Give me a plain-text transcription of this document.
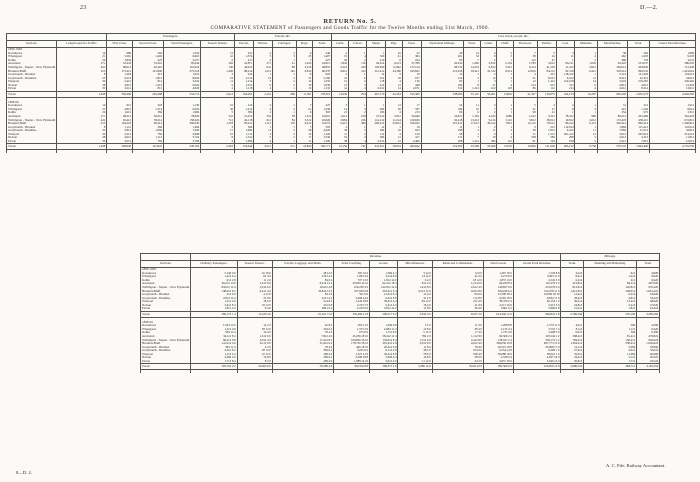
23	D.—2.
RETURN No. 5.
COMPARATIVE STATEMENT of Passengers and Goods Traffic for the Twelve Months ending 31st March, 1900.
		Passengers.				Parcels, &c.					Live-Stock, Goods, &c.															
Sections.	Length open for Traffic.	First Class.	Second Class.	Total Passengers.	Season Tickets.	Parcels.	Horses.	Carriages.	Dogs.	Total.	Cattle.	Calves.	Sheep.	Pigs.	Total.	Equivalent Mileage.	Wool.	Grain.	Chaff.	Firewood.	Timber.	Coal.	Minerals.	Merchandise.	Total.	Grand Total Revenue.
1899-1900.																										
Kawakawa	16	986	264	1,250	12	231	4	2	9	246	4	1	1	16	22	29	14	4	2	7	5	3	1	38	264	1,806
Whangarei	21	5,261	1,402	6,663	41	1,374	5	3	25	1,407	19	4	320	41	384	201	52	9	3	38	24	11	4	462	1,203	9,318
Kaihu	26	1,834	423	2,257	6	417	2	1	7	427	26	2	210	6	244	93	7	2	1	112	47	1	2	286	733	3,631
Auckland	271	52,443	33,201	85,644	362	22,871	271	41	1,432	24,615	1,842	119	29,614	6,213	37,788	26,432	1,206	4,812	2,154	1,783	3,612	84,211	1,029	92,418	215,037	386,205
Wellington - Napier - New Plymouth	422	98,614	62,410	161,024	740	44,912	641	88	3,214	48,855	4,216	240	120,846	11,842	137,144	98,732	14,216	9,812	3,321	6,214	41,218	11,412	2,812	184,612	463,829	712,440
Hurunui-Bluff	615	173,412	101,806	275,218	1,406	88,214	1,212	142	6,810	96,378	6,812	412	312,412	24,186	343,822	212,618	18,412	41,312	8,214	12,816	84,212	92,318	6,412	318,214	894,532	1,423,616
Greymouth - Brunner	8	1,204	412	1,616	2	614	1	1	8	624	2	1	14	2	19	12	1	2	1	4	221	118,412	1	2,114	121,203	124,512
Greymouth - Hokitika	25	6,214	1,812	8,026	19	2,114	12	3	31	2,160	41	6	612	18	677	214	2	12	3	41	8,212	4,612	12	8,412	22,314	34,612
Westport	36	2,412	812	3,224	11	1,214	3	2	14	1,233	12	2	118	4	136	62	1	3	1	12	1,412	212,618	14	3,218	219,281	226,402
Nelson	28	4,812	1,214	6,026	9	1,612	6	2	19	1,639	21	3	412	12	448	184	8	21	4	214	612	312	6	2,814	4,612	12,418
Picton	30	3,214	812	4,026	4	1,118	4	1	12	1,135	41	4	2,612	14	2,671	312	1,214	412	118	86	112	214	4	2,612	8,214	13,612
Totals	1,498	350,406	204,368	554,774	2,612	164,291	2,161	286	11,581	178,319	13,036	794	467,176	42,354	523,360	338,906	35,147	56,401	13,822	21,327	139,875	524,133	10,297	695,202	1,952,273	2,926,562

1898-99.																										
Kawakawa	16	912	218	1,130	10	214	3	1	7	225	3	1	1	12	17	24	11	3	1	5	4	2	1	31	212	1,612
Whangarei	21	4,812	1,214	6,026	36	1,212	4	2	21	1,239	14	3	284	36	337	184	41	7	2	31	21	9	3	412	1,104	8,614
Kaihu	26	1,612	384	1,996	5	384	2	1	6	393	21	2	186	4	213	84	6	2	1	98	41	1	1	254	672	3,312
Auckland	271	48,214	30,612	78,826	341	21,012	254	38	1,312	22,616	1,614	108	27,412	5,812	34,946	24,812	1,104	4,412	1,986	1,612	3,312	78,412	986	86,212	201,484	362,418
Wellington - Napier - New Plymouth	422	92,412	58,214	150,626	712	42,118	612	84	3,012	45,826	3,984	226	114,212	11,214	129,636	92,418	13,412	9,214	3,112	5,812	38,612	10,812	2,612	172,418	438,412	672,812
Hurunui-Bluff	615	164,218	96,412	260,630	1,318	83,412	1,112	136	6,412	91,072	6,412	386	296,412	22,812	326,022	201,412	17,612	39,412	7,812	12,112	79,612	86,412	6,112	302,412	846,214	1,346,812
Greymouth - Brunner	8	1,112	384	1,496	2	584	1	1	7	593	2	1	12	1	16	11	1	2	1	3	212	112,814	1	1,984	115,412	118,214
Greymouth - Hokitika	25	5,812	1,684	7,496	17	1,984	11	3	28	2,026	38	5	584	16	643	198	2	11	3	38	7,812	4,412	11	7,984	21,212	32,814
Westport	36	2,214	784	2,998	10	1,112	3	2	12	1,129	11	2	112	4	129	58	1	3	1	11	1,312	201,412	12	3,012	207,614	214,212
Nelson	28	4,612	1,112	5,724	8	1,512	5	2	17	1,536	19	3	384	11	417	172	7	19	4	198	584	298	5	2,612	4,312	11,812
Picton	30	3,012	784	3,796	4	1,084	4	1	11	1,100	38	4	2,412	12	2,466	298	1,112	384	112	81	104	198	4	2,412	7,812	12,914
Totals	1,498	328,940	191,822	520,762	2,463	154,644	2,011	271	10,845	166,771	12,156	741	441,811	39,934	494,642	319,656	33,309	53,469	13,035	19,999	131,626	495,122	9,738	579,743	1,844,460	2,755,550

	Revenue.									Mileage.		
Sections.	Ordinary Passengers.	Season Tickets.	Parcels, Luggage, and Mails.	Total Coaching.	Goods.	Miscellaneous.	Rents and Commission.	Total Goods.	Grand Total Revenue.	Train.	Shunting and Ballasting.	Total.
1899-1900.												
Kawakawa	£ 240 0 0	16 18 6	48 12 0	305 10 6	1,382 4 2	3 14 0	12 0 0	1,397 18 2	1,703 8 8	4,216	612	4,828
Whangarei	1,412 6 4	62 4 0	218 14 2	1,693 4 6	2,214 8 6	14 12 0	41 6 0	2,270 6 6	3,963 11 0	8,412	1,214	9,626
Kaihu	612 4 8	11 2 0	84 6 4	707 13 0	1,812 14 0	6 4 0	18 12 0	1,837 10 0	2,545 3 0	6,214	412	6,626
Auckland	36,212 14 6	1,412 8 0	8,214 12 4	45,839 14 10	62,412 18 4	812 4 0	1,214 6 0	64,439 8 4	110,279 3 2	412,812	84,214	497,026
Wellington - Napier - New Plymouth	84,612 12 4	3,214 6 0	18,412 4 8	106,239 3 0	142,812 14 6	1,412 8 0	2,612 4 0	146,837 6 6	253,076 9 6	812,614	142,812	955,426
Hurunui-Bluff	148,412 8 2	6,412 4 0	32,814 12 6	187,639 4 8	318,412 6 4	3,214 12 0	4,812 8 0	326,439 6 4	514,078 11 0	1,412,812	248,612	1,661,424
Greymouth - Brunner	412 6 0	4 12 0	84 2 6	501 0 6	21,412 8 4	12 4 0	84 6 0	21,508 18 4	22,009 18 10	12,412	6,214	18,626
Greymouth - Hokitika	2,814 12 4	41 8 0	412 14 2	3,268 14 6	6,412 8 6	41 2 0	112 8 0	6,565 18 6	9,834 13 0	28,412	4,812	33,224
Westport	1,212 4 6	18 6 0	214 8 2	1,444 18 8	38,412 6 4	84 12 0	212 4 0	38,709 2 4	40,154 1 0	36,214	12,412	48,626
Nelson	2,412 8 4	18 12 0	312 6 8	2,743 7 0	2,412 4 6	18 4 0	41 8 0	2,471 16 6	5,215 3 6	24,812	2,214	27,026
Picton	1,812 4 2	8 4 0	284 12 4	2,105 0 6	3,812 14 2	12 8 0	36 4 0	3,861 6 2	5,966 6 8	21,412	1,812	23,224
Totals	280,173 1 4	11,220 4 6	61,101 5 10	352,494 11 8	599,517 6 0	5,632 4 0	9,197 2 0	614,346 12 0	966,841 3 8	2,780,344	505,160	3,285,504

1898-99.												
Kawakawa	£ 224 12 6	14 2 0	42 8 4	281 2 10	1,284 6 8	3 2 0	11 0 0	1,298 8 8	1,579 11 6	4,012	584	4,596
Whangarei	1,312 4 8	58 12 0	204 6 4	1,575 3 0	2,084 12 4	12 8 0	38 4 0	2,135 4 4	3,710 7 4	8,114	1,112	9,226
Kaihu	584 12 4	10 4 0	78 4 2	673 0 6	1,712 8 6	5 12 0	17 4 0	1,735 4 6	2,408 5 0	6,012	384	6,396
Auckland	34,112 8 4	1,312 6 0	7,812 4 6	43,236 18 10	58,412 12 4	784 2 0	1,112 8 0	60,309 2 4	103,546 1 2	398,412	81,412	479,824
Wellington - Napier - New Plymouth	80,412 6 8	3,012 4 0	17,412 8 2	100,836 18 10	134,612 8 4	1,312 6 0	2,412 8 0	138,337 2 4	239,174 1 2	784,212	136,412	920,624
Hurunui-Bluff	141,212 4 6	6,112 8 0	31,412 6 4	178,736 18 10	301,412 4 8	3,012 8 0	4,612 4 0	309,036 16 8	487,773 15 6	1,364,212	238,412	1,602,624
Greymouth - Brunner	384 12 4	4 2 0	78 4 6	466 18 10	20,412 6 8	11 8 0	78 4 0	20,501 18 8	20,968 17 6	12,112	5,984	18,096
Greymouth - Hokitika	2,612 8 2	38 12 0	384 6 4	3,035 6 6	6,112 4 8	38 4 0	104 6 0	6,254 14 8	9,290 1 2	27,412	4,612	32,024
Westport	1,112 6 4	16 12 0	198 4 6	1,327 2 10	36,412 8 6	78 6 0	198 4 0	36,688 18 6	38,016 1 4	35,012	11,984	46,996
Nelson	2,284 4 6	16 8 0	298 6 2	2,598 18 8	2,284 6 4	16 8 0	38 6 0	2,339 0 4	4,937 19 0	24,212	2,112	26,324
Picton	1,712 8 4	8 2 0	268 4 6	1,988 14 10	3,612 4 6	11 12 0	34 2 0	3,657 18 6	5,646 13 4	20,812	1,712	22,524
Totals	265,762 4 2	10,606 0 0	58,188 4 6	334,556 8 8	568,371 2 0	5,286 14 0	8,642 10 0	582,300 6 0	916,856 14 8	2,680,542	484,712	3,165,254

A. C. Fife, Railway Accountant.
8—D. 2.
